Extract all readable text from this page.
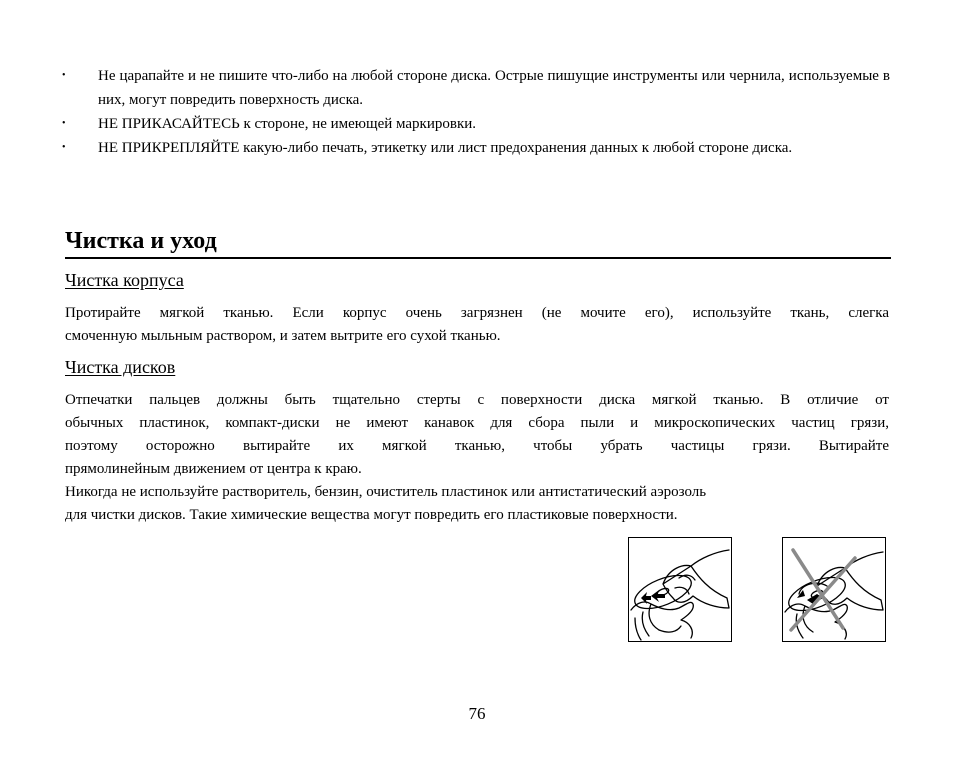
• Не царапайте и не пишите что-либо на любой стороне диска. Острые пишущие инструменты или чернила, используемые в них, могут повредить поверхность диска.
• НЕ ПРИКАСАЙТЕСЬ к стороне, не имеющей маркировки.
• НЕ ПРИКРЕПЛЯЙТЕ какую-либо печать, этикетку или лист предохранения данных к любой стороне диска.
Чистка и уход
Чистка корпуса
Протирайте мягкой тканью. Если корпус очень загрязнен (не мочите его), используйте ткань, слегка
смоченную мыльным раствором, и затем вытрите его сухой тканью.
Чистка дисков
Отпечатки пальцев должны быть тщательно стерты с поверхности диска мягкой тканью. В отличие от
обычных пластинок, компакт-диски не имеют канавок для сбора пыли и микроскопических частиц грязи,
поэтому осторожно вытирайте их мягкой тканью, чтобы убрать частицы грязи. Вытирайте
прямолинейным движением от центра к краю.
Никогда не используйте растворитель, бензин, очиститель пластинок или антистатический аэрозоль
для чистки дисков. Такие химические вещества могут повредить его пластиковые поверхности.
76
